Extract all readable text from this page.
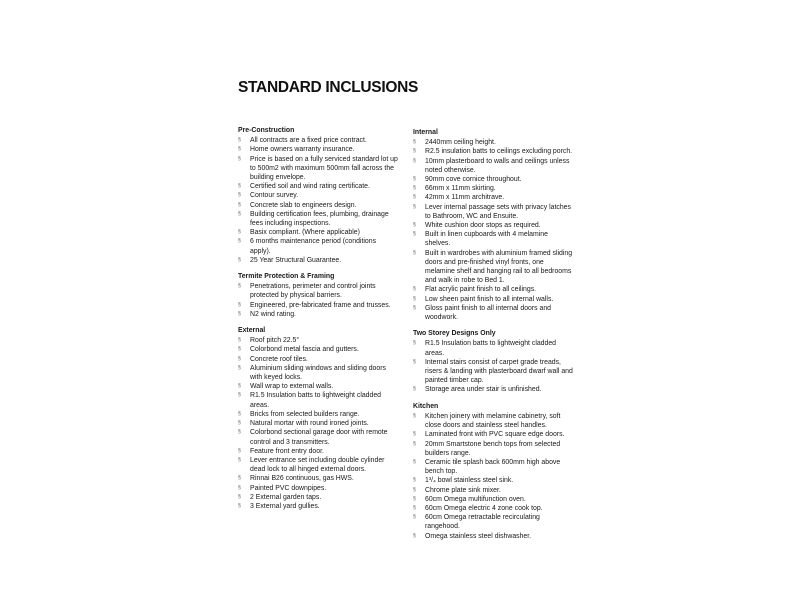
STANDARD INCLUSIONS
Pre-Construction
§ All contracts are a fixed price contract.
§ Home owners warranty insurance.
§ Price is based on a fully serviced standard lot up to 500m2 with maximum 500mm fall across the building envelope.
§ Certified soil and wind rating certificate.
§ Contour survey.
§ Concrete slab to engineers design.
§ Building certification fees, plumbing, drainage fees including inspections.
§ Basix compliant. (Where applicable)
§ 6 months maintenance period (conditions apply).
§ 25 Year Structural Guarantee.
Termite Protection & Framing
§ Penetrations, perimeter and control joints protected by physical barriers.
§ Engineered, pre-fabricated frame and trusses.
§ N2 wind rating.
External
§ Roof pitch 22.5°
§ Colorbond metal fascia and gutters.
§ Concrete roof tiles.
§ Aluminium sliding windows and sliding doors with keyed locks.
§ Wall wrap to external walls.
§ R1.5 Insulation batts to lightweight cladded areas.
§ Bricks from selected builders range.
§ Natural mortar with round ironed joints.
§ Colorbond sectional garage door with remote control and 3 transmitters.
§ Feature front entry door.
§ Lever entrance set including double cylinder dead lock to all hinged external doors.
§ Rinnai B26 continuous, gas HWS.
§ Painted PVC downpipes.
§ 2 External garden taps.
§ 3 External yard gullies.
Internal
§ 2440mm ceiling height.
§ R2.5 insulation batts to ceilings excluding porch.
§ 10mm plasterboard to walls and ceilings unless noted otherwise.
§ 90mm cove cornice throughout.
§ 66mm x 11mm skirting.
§ 42mm x 11mm architrave.
§ Lever internal passage sets with privacy latches to Bathroom, WC and Ensuite.
§ White cushion door stops as required.
§ Built in linen cupboards with 4 melamine shelves.
§ Built in wardrobes with aluminium framed sliding doors and pre-finished vinyl fronts, one melamine shelf and hanging rail to all bedrooms and walk in robe to Bed 1.
§ Flat acrylic paint finish to all ceilings.
§ Low sheen paint finish to all internal walls.
§ Gloss paint finish to all internal doors and woodwork.
Two Storey Designs Only
§ R1.5 Insulation batts to lightweight cladded areas.
§ Internal stairs consist of carpet grade treads, risers & landing with plasterboard dwarf wall and painted timber cap.
§ Storage area under stair is unfinished.
Kitchen
§ Kitchen joinery with melamine cabinetry, soft close doors and stainless steel handles.
§ Laminated front with PVC square edge doors.
§ 20mm Smartstone bench tops from selected builders range.
§ Ceramic tile splash back 600mm high above bench top.
§ 1³/₄ bowl stainless steel sink.
§ Chrome plate sink mixer.
§ 60cm Omega multifunction oven.
§ 60cm Omega electric 4 zone cook top.
§ 60cm Omega retractable recirculating rangehood.
§ Omega stainless steel dishwasher.
